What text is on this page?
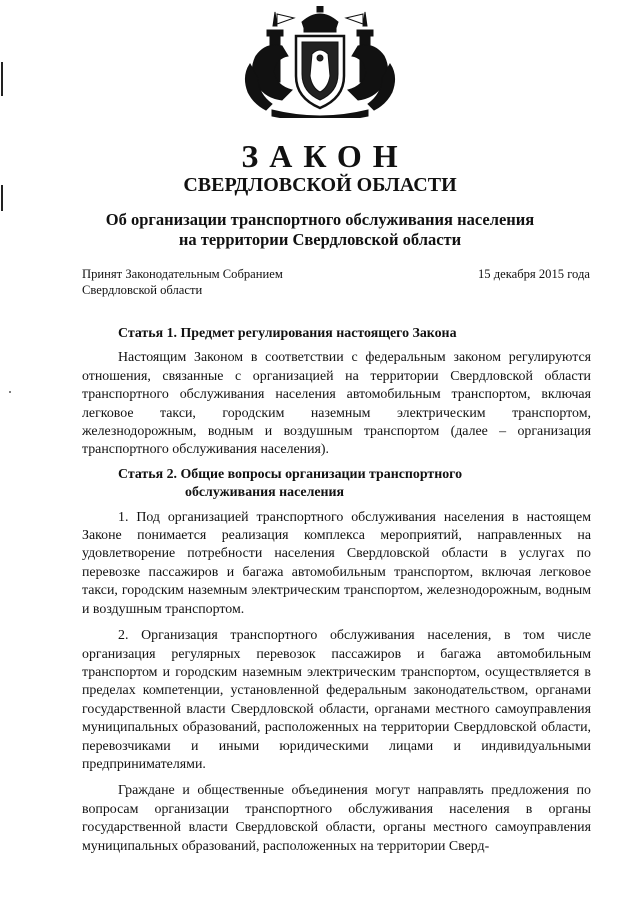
ЗАКОН
СВЕРДЛОВСКОЙ ОБЛАСТИ
Об организации транспортного обслуживания населения
на территории Свердловской области
Принят Законодательным Собранием
Свердловской области
15 декабря 2015 года
Статья 1. Предмет регулирования настоящего Закона

Настоящим Законом в соответствии с федеральным законом регулируются отношения, связанные с организацией на территории Свердловской области транспортного обслуживания населения автомобильным транспортом, включая легковое такси, городским наземным электрическим транспортом, железнодорожным, водным и воздушным транспортом (далее – организация транспортного обслуживания населения).

Статья 2. Общие вопросы организации транспортного
обслуживания населения

1. Под организацией транспортного обслуживания населения в настоящем Законе понимается реализация комплекса мероприятий, направленных на удовлетворение потребности населения Свердловской области в услугах по перевозке пассажиров и багажа автомобильным транспортом, включая легковое такси, городским наземным электрическим транспортом, железнодорожным, водным и воздушным транспортом.

2. Организация транспортного обслуживания населения, в том числе организация регулярных перевозок пассажиров и багажа автомобильным транспортом и городским наземным электрическим транспортом, осуществляется в пределах компетенции, установленной федеральным законодательством, органами государственной власти Свердловской области, органами местного самоуправления муниципальных образований, расположенных на территории Свердловской области, перевозчиками и иными юридическими лицами и индивидуальными предпринимателями.

Граждане и общественные объединения могут направлять предложения по вопросам организации транспортного обслуживания населения в органы государственной власти Свердловской области, органы местного самоуправления муниципальных образований, расположенных на территории Сверд-
